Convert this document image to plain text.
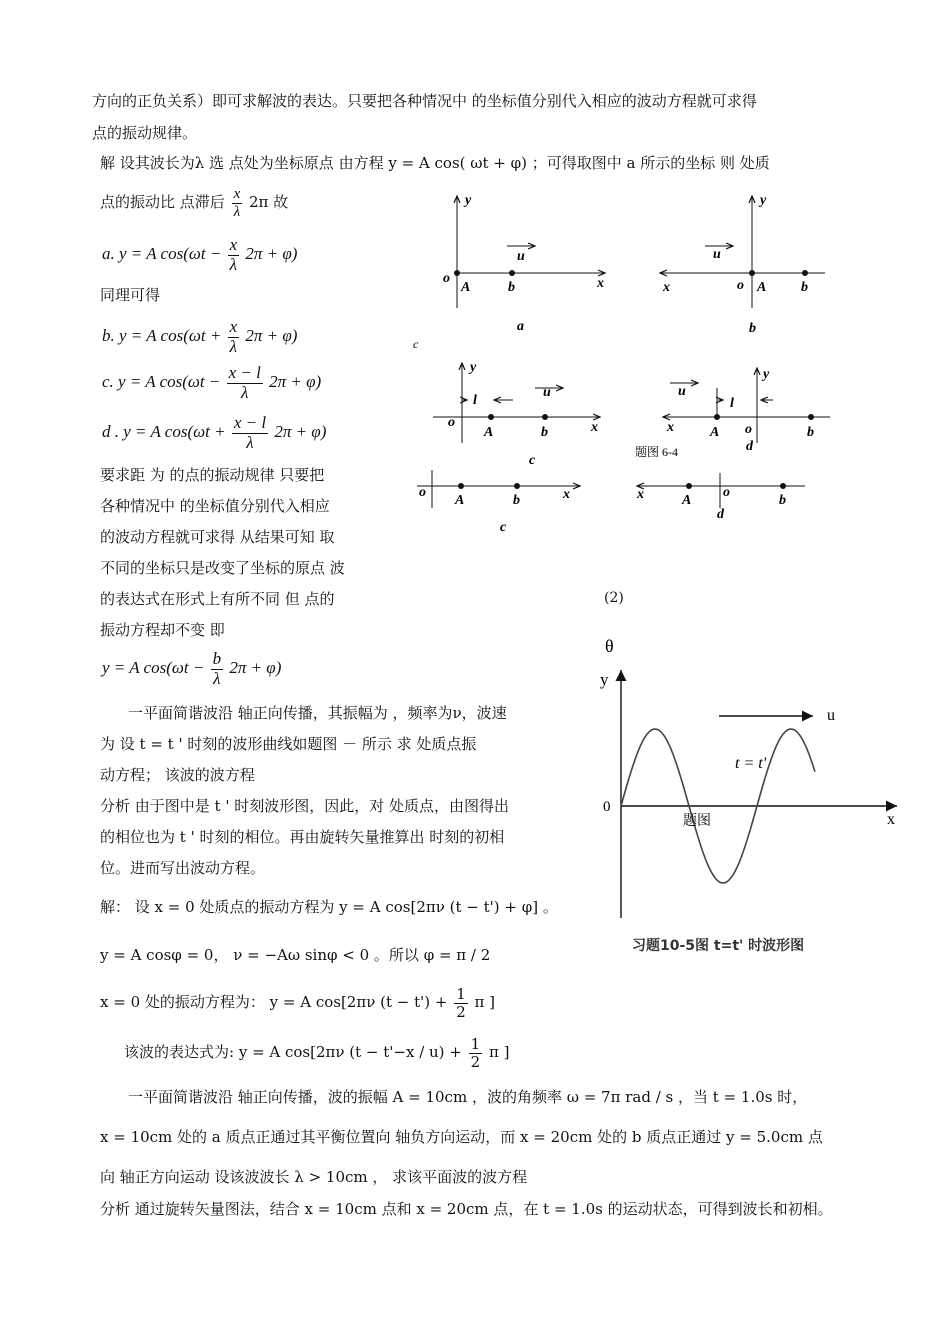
方向的正负关系）即可求解波的表达。只要把各种情况中 的坐标值分别代入相应的波动方程就可求得
点的振动规律。
解 设其波长为λ 选 点处为坐标原点 由方程 y = A cos( ωt + φ) ；可得取图中 a 所示的坐标 则 处质
点的振动比 点滞后 $\frac{x}{\lambda} 2\pi$ 故
a. y = A $\cos(\omega t - \frac{x}{\lambda} 2\pi + \varphi)$
同理可得
b. y = A $\cos(\omega t + \frac{x}{\lambda} 2\pi + \varphi)$
c. y = A $\cos(\omega t - \frac{x - l}{\lambda} 2\pi + \varphi)$
d . y = A $\cos(\omega t + \frac{x - l}{\lambda} 2\pi + \varphi)$
要求距 为 的点的振动规律 只要把
各种情况中 的坐标值分别代入相应
的波动方程就可求得 从结果可知 取
不同的坐标只是改变了坐标的原点 波
的表达式在形式上有所不同 但 点的
振动方程却不变 即
y = A $\cos(\omega t - \frac{b}{\lambda} 2\pi + \varphi)$
一平面简谐波沿 轴正向传播，其振幅为 ，频率为ν，波速
为 设 t = t ' 时刻的波形曲线如题图 － 所示 求 处质点振
动方程； 该波的波方程
分析 由于图中是 t ' 时刻波形图，因此，对 处质点，由图得出
的相位也为 t ' 时刻的相位。再由旋转矢量推算出 时刻的初相
位。进而写出波动方程。
解： 设 x = 0 处质点的振动方程为 y = A cos[2πν (t − t') + φ] 。
y = A cosφ = 0， ν = −Aω sinφ < 0 。所以 φ = π / 2
x = 0 处的振动方程为： y = A cos[2πν $(t - t') + \frac{1}{2}$ π ]
该波的表达式为: y = A cos[2πν $(t - t'-x / u) + \frac{1}{2}$ π ]
一平面简谐波沿 轴正向传播，波的振幅 A = 10cm ，波的角频率 ω = 7π rad / s ，当 t = 1.0s 时，
x = 10cm 处的 a 质点正通过其平衡位置向 轴负方向运动，而 x = 20cm 处的 b 质点正通过 y = 5.0cm 点
向 轴正方向运动 设该波波长 λ > 10cm ， 求该平面波的波方程
分析 通过旋转矢量图法，结合 x = 10cm 点和 x = 20cm 点，在 t = 1.0s 的运动状态，可得到波长和初相。
y
u
o
A	b	x
a
y
u
o A b
x
b
c
y
l
u
o
A	b	x
c
y
l
u
o
A	b
x
d
题图 6-4
o
A	b	x
c
o
A	b
x
d
(2)
θ
y
u
t = t'
0
x
题图
习题10-5图 t=t' 时波形图
